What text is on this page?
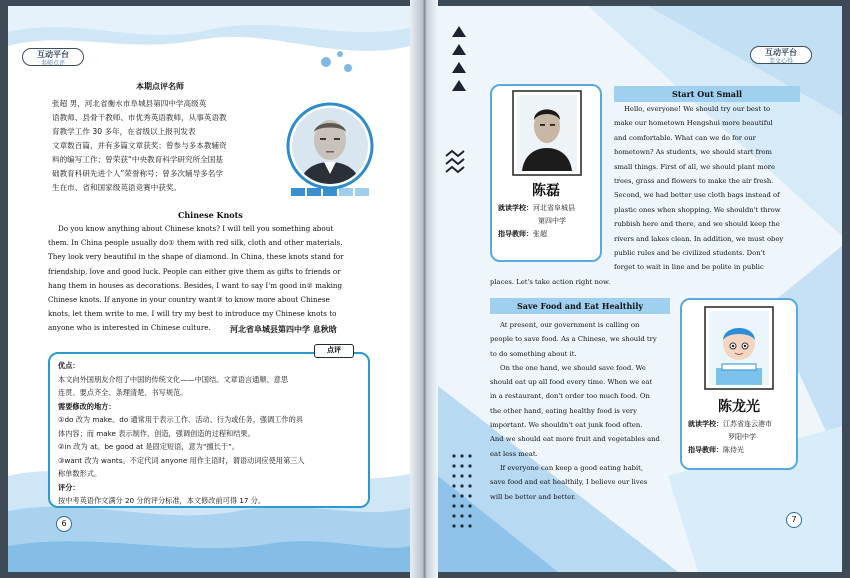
互动平台
名师点评
本期点评名师
张超 男，河北省衡水市阜城县第四中学高级英
语教师、县骨干教师、市优秀英语教师，从事英语教
育教学工作 30 多年，在省级以上报刊发表
文章数百篇，并有多篇文章获奖；曾参与多本教辅资
料的编写工作；曾荣获“中央教育科学研究所全国基
础教育科研先进个人”荣誉称号；曾多次辅导多名学
生在市、省和国家级英语竞赛中获奖。
Chinese Knots
Do you know anything about Chinese knots? I will tell you something about
them. In China people usually do① them with red silk, cloth and other materials.
They look very beautiful in the shape of diamond. In China, these knots stand for
friendship, love and good luck. People can either give them as gifts to friends or
hang them in houses as decorations. Besides, I want to say I'm good in② making
Chinese knots. If anyone in your country want③ to know more about Chinese
knots, let them write to me. I will try my best to introduce my Chinese knots to
anyone who is interested in Chinese culture.	河北省阜城县第四中学 息秋晗
点评
优点：
本文向外国朋友介绍了中国的传统文化——中国结。文章语言通顺、意思
连贯、要点齐全、条理清楚、书写规范。
需要修改的地方：
①do 改为 make。do 通常用于表示工作、活动、行为或任务，强调工作的具
体内容；而 make 表示制作、创造，强调创造的过程和结果。
②in 改为 at。be good at 是固定短语，意为“擅长于”。
③want 改为 wants。不定代词 anyone 用作主语时，谓语动词应使用第三人
称单数形式。
评分：
按中考英语作文满分 20 分的评分标准，本文修改前可得 17 分。
6
互动平台
美文心得
Start Out Small
陈磊
就读学校：河北省阜城县
第四中学
指导教师：张超
Hello, everyone! We should try our best to
make our hometown Hengshui more beautiful
and comfortable. What can we do for our
hometown? As students, we should start from
small things. First of all, we should plant more
trees, grass and flowers to make the air fresh.
Second, we had better use cloth bags instead of
plastic ones when shopping. We shouldn't throw
rubbish here and there, and we should keep the
rivers and lakes clean. In addition, we must obey
public rules and be civilized students. Don't
forget to wait in line and be polite in public
places. Let's take action right now.
Save Food and Eat Healthily
At present, our government is calling on
people to save food. As a Chinese, we should try
to do something about it.
On the one hand, we should save food. We
should eat up all food every time. When we eat
in a restaurant, don't order too much food. On
the other hand, eating healthy food is very
important. We shouldn't eat junk food often.
And we should eat more fruit and vegetables and
eat less meat.
If everyone can keep a good eating habit,
save food and eat healthily, I believe our lives
will be better and better.
陈龙光
就读学校：江苏省连云港市
罗阳中学
指导教师：陈侍光
7
